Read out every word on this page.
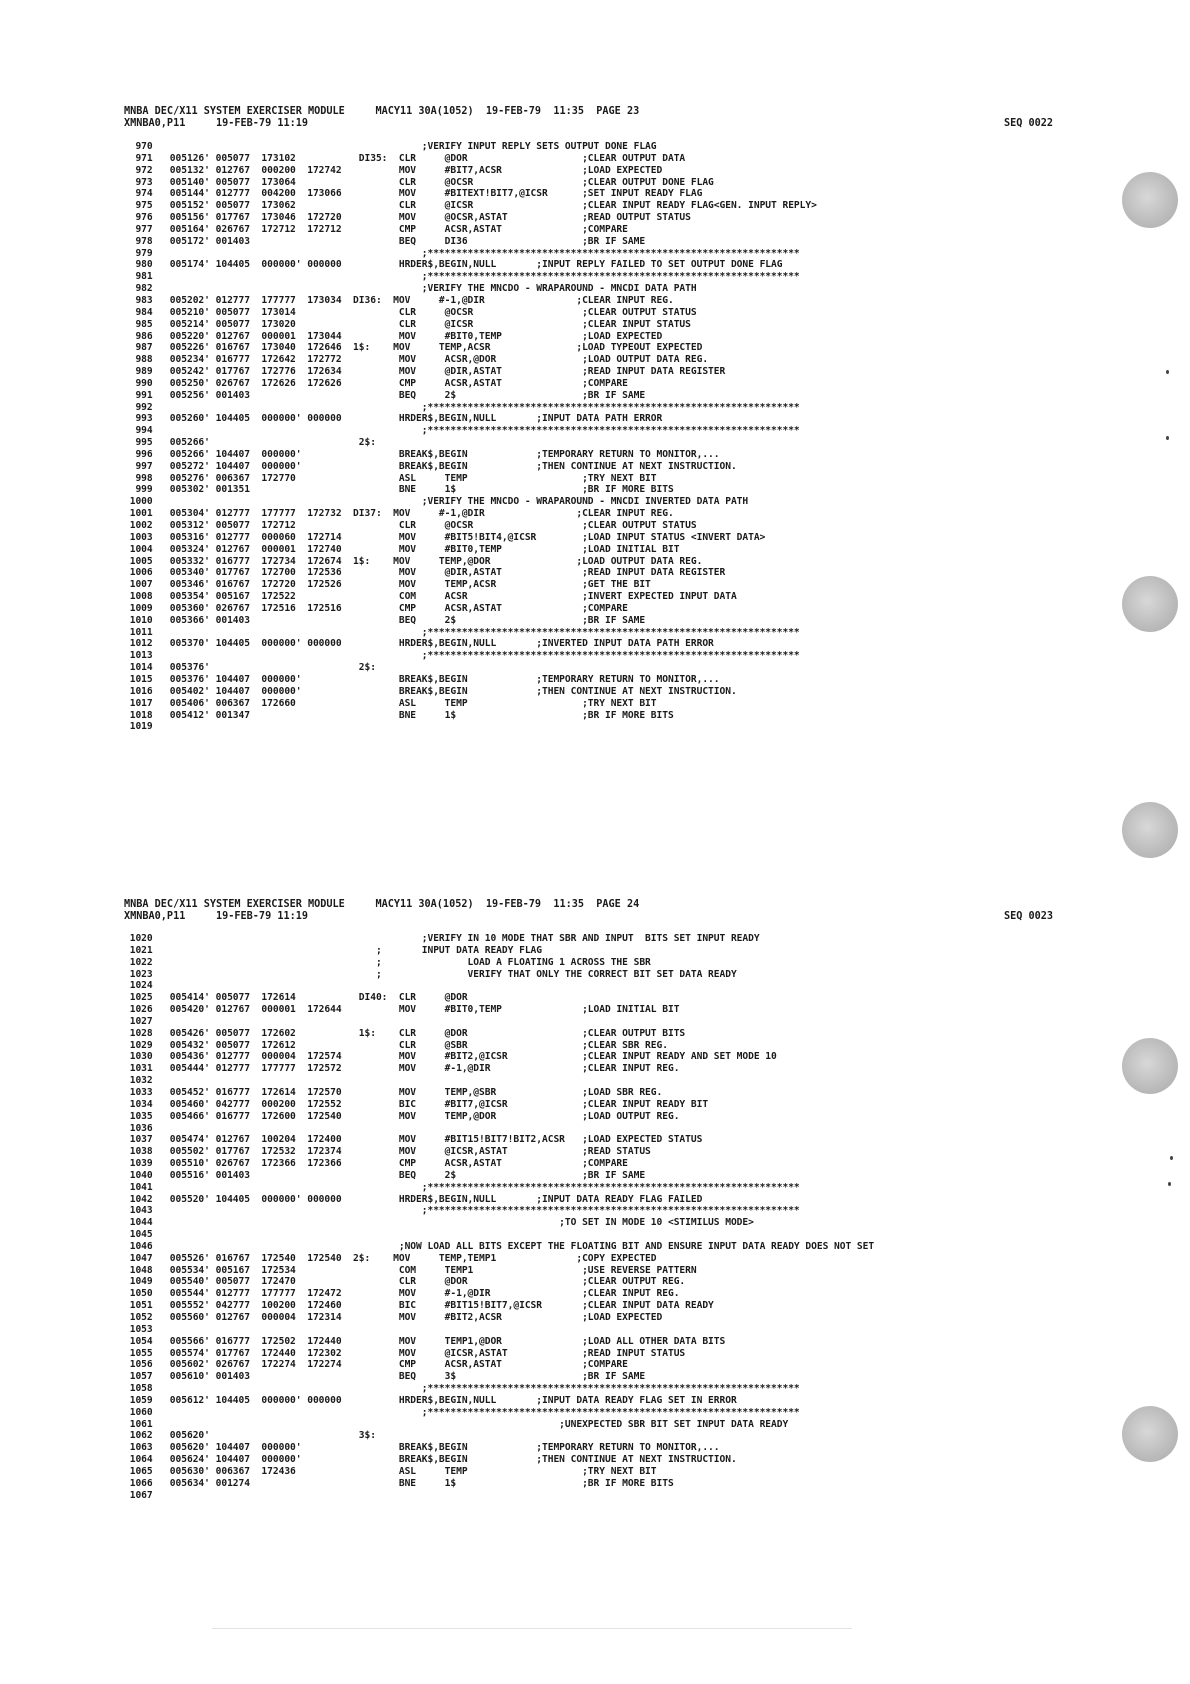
MNBA DEC/X11 SYSTEM EXERCISER MODULE     MACY11 30A(1052)  19-FEB-79  11:35  PAGE 23
XMNBA0,P11     19-FEB-79 11:19	SEQ 0022
970                                               ;VERIFY INPUT REPLY SETS OUTPUT DONE FLAG
971   005126' 005077  173102           DI35:  CLR     @DOR                    ;CLEAR OUTPUT DATA
972   005132' 012767  000200  172742          MOV     #BIT7,ACSR              ;LOAD EXPECTED
973   005140' 005077  173064                  CLR     @OCSR                   ;CLEAR OUTPUT DONE FLAG
974   005144' 012777  004200  173066          MOV     #BITEXT!BIT7,@ICSR      ;SET INPUT READY FLAG
975   005152' 005077  173062                  CLR     @ICSR                   ;CLEAR INPUT READY FLAG<GEN. INPUT REPLY>
976   005156' 017767  173046  172720          MOV     @OCSR,ASTAT             ;READ OUTPUT STATUS
977   005164' 026767  172712  172712          CMP     ACSR,ASTAT              ;COMPARE
978   005172' 001403                          BEQ     DI36                    ;BR IF SAME
979                                               ;*****************************************************************
980   005174' 104405  000000' 000000          HRDER$,BEGIN,NULL       ;INPUT REPLY FAILED TO SET OUTPUT DONE FLAG
981                                               ;*****************************************************************
982                                               ;VERIFY THE MNCDO - WRAPAROUND - MNCDI DATA PATH
983   005202' 012777  177777  173034  DI36:  MOV     #-1,@DIR                ;CLEAR INPUT REG.
984   005210' 005077  173014                  CLR     @OCSR                   ;CLEAR OUTPUT STATUS
985   005214' 005077  173020                  CLR     @ICSR                   ;CLEAR INPUT STATUS
986   005220' 012767  000001  173044          MOV     #BIT0,TEMP              ;LOAD EXPECTED
987   005226' 016767  173040  172646  1$:    MOV     TEMP,ACSR               ;LOAD TYPEOUT EXPECTED
988   005234' 016777  172642  172772          MOV     ACSR,@DOR               ;LOAD OUTPUT DATA REG.
989   005242' 017767  172776  172634          MOV     @DIR,ASTAT              ;READ INPUT DATA REGISTER
990   005250' 026767  172626  172626          CMP     ACSR,ASTAT              ;COMPARE
991   005256' 001403                          BEQ     2$                      ;BR IF SAME
992                                               ;*****************************************************************
993   005260' 104405  000000' 000000          HRDER$,BEGIN,NULL       ;INPUT DATA PATH ERROR
994                                               ;*****************************************************************
995   005266'                          2$:
996   005266' 104407  000000'                 BREAK$,BEGIN            ;TEMPORARY RETURN TO MONITOR,...
997   005272' 104407  000000'                 BREAK$,BEGIN            ;THEN CONTINUE AT NEXT INSTRUCTION.
998   005276' 006367  172770                  ASL     TEMP                    ;TRY NEXT BIT
999   005302' 001351                          BNE     1$                      ;BR IF MORE BITS
1000                                               ;VERIFY THE MNCDO - WRAPAROUND - MNCDI INVERTED DATA PATH
1001   005304' 012777  177777  172732  DI37:  MOV     #-1,@DIR                ;CLEAR INPUT REG.
1002   005312' 005077  172712                  CLR     @OCSR                   ;CLEAR OUTPUT STATUS
1003   005316' 012777  000060  172714          MOV     #BIT5!BIT4,@ICSR        ;LOAD INPUT STATUS <INVERT DATA>
1004   005324' 012767  000001  172740          MOV     #BIT0,TEMP              ;LOAD INITIAL BIT
1005   005332' 016777  172734  172674  1$:    MOV     TEMP,@DOR               ;LOAD OUTPUT DATA REG.
1006   005340' 017767  172700  172536          MOV     @DIR,ASTAT              ;READ INPUT DATA REGISTER
1007   005346' 016767  172720  172526          MOV     TEMP,ACSR               ;GET THE BIT
1008   005354' 005167  172522                  COM     ACSR                    ;INVERT EXPECTED INPUT DATA
1009   005360' 026767  172516  172516          CMP     ACSR,ASTAT              ;COMPARE
1010   005366' 001403                          BEQ     2$                      ;BR IF SAME
1011                                               ;*****************************************************************
1012   005370' 104405  000000' 000000          HRDER$,BEGIN,NULL       ;INVERTED INPUT DATA PATH ERROR
1013                                               ;*****************************************************************
1014   005376'                          2$:
1015   005376' 104407  000000'                 BREAK$,BEGIN            ;TEMPORARY RETURN TO MONITOR,...
1016   005402' 104407  000000'                 BREAK$,BEGIN            ;THEN CONTINUE AT NEXT INSTRUCTION.
1017   005406' 006367  172660                  ASL     TEMP                    ;TRY NEXT BIT
1018   005412' 001347                          BNE     1$                      ;BR IF MORE BITS
1019
MNBA DEC/X11 SYSTEM EXERCISER MODULE     MACY11 30A(1052)  19-FEB-79  11:35  PAGE 24
XMNBA0,P11     19-FEB-79 11:19	SEQ 0023
1020                                               ;VERIFY IN 10 MODE THAT SBR AND INPUT  BITS SET INPUT READY
1021                                       ;       INPUT DATA READY FLAG
1022                                       ;               LOAD A FLOATING 1 ACROSS THE SBR
1023                                       ;               VERIFY THAT ONLY THE CORRECT BIT SET DATA READY
1024
1025   005414' 005077  172614           DI40:  CLR     @DOR
1026   005420' 012767  000001  172644          MOV     #BIT0,TEMP              ;LOAD INITIAL BIT
1027
1028   005426' 005077  172602           1$:    CLR     @DOR                    ;CLEAR OUTPUT BITS
1029   005432' 005077  172612                  CLR     @SBR                    ;CLEAR SBR REG.
1030   005436' 012777  000004  172574          MOV     #BIT2,@ICSR             ;CLEAR INPUT READY AND SET MODE 10
1031   005444' 012777  177777  172572          MOV     #-1,@DIR                ;CLEAR INPUT REG.
1032
1033   005452' 016777  172614  172570          MOV     TEMP,@SBR               ;LOAD SBR REG.
1034   005460' 042777  000200  172552          BIC     #BIT7,@ICSR             ;CLEAR INPUT READY BIT
1035   005466' 016777  172600  172540          MOV     TEMP,@DOR               ;LOAD OUTPUT REG.
1036
1037   005474' 012767  100204  172400          MOV     #BIT15!BIT7!BIT2,ACSR   ;LOAD EXPECTED STATUS
1038   005502' 017767  172532  172374          MOV     @ICSR,ASTAT             ;READ STATUS
1039   005510' 026767  172366  172366          CMP     ACSR,ASTAT              ;COMPARE
1040   005516' 001403                          BEQ     2$                      ;BR IF SAME
1041                                               ;*****************************************************************
1042   005520' 104405  000000' 000000          HRDER$,BEGIN,NULL       ;INPUT DATA READY FLAG FAILED
1043                                               ;*****************************************************************
1044                                                                       ;TO SET IN MODE 10 <STIMILUS MODE>
1045
1046                                           ;NOW LOAD ALL BITS EXCEPT THE FLOATING BIT AND ENSURE INPUT DATA READY DOES NOT SET
1047   005526' 016767  172540  172540  2$:    MOV     TEMP,TEMP1              ;COPY EXPECTED
1048   005534' 005167  172534                  COM     TEMP1                   ;USE REVERSE PATTERN
1049   005540' 005077  172470                  CLR     @DOR                    ;CLEAR OUTPUT REG.
1050   005544' 012777  177777  172472          MOV     #-1,@DIR                ;CLEAR INPUT REG.
1051   005552' 042777  100200  172460          BIC     #BIT15!BIT7,@ICSR       ;CLEAR INPUT DATA READY
1052   005560' 012767  000004  172314          MOV     #BIT2,ACSR              ;LOAD EXPECTED
1053
1054   005566' 016777  172502  172440          MOV     TEMP1,@DOR              ;LOAD ALL OTHER DATA BITS
1055   005574' 017767  172440  172302          MOV     @ICSR,ASTAT             ;READ INPUT STATUS
1056   005602' 026767  172274  172274          CMP     ACSR,ASTAT              ;COMPARE
1057   005610' 001403                          BEQ     3$                      ;BR IF SAME
1058                                               ;*****************************************************************
1059   005612' 104405  000000' 000000          HRDER$,BEGIN,NULL       ;INPUT DATA READY FLAG SET IN ERROR
1060                                               ;*****************************************************************
1061                                                                       ;UNEXPECTED SBR BIT SET INPUT DATA READY
1062   005620'                          3$:
1063   005620' 104407  000000'                 BREAK$,BEGIN            ;TEMPORARY RETURN TO MONITOR,...
1064   005624' 104407  000000'                 BREAK$,BEGIN            ;THEN CONTINUE AT NEXT INSTRUCTION.
1065   005630' 006367  172436                  ASL     TEMP                    ;TRY NEXT BIT
1066   005634' 001274                          BNE     1$                      ;BR IF MORE BITS
1067
